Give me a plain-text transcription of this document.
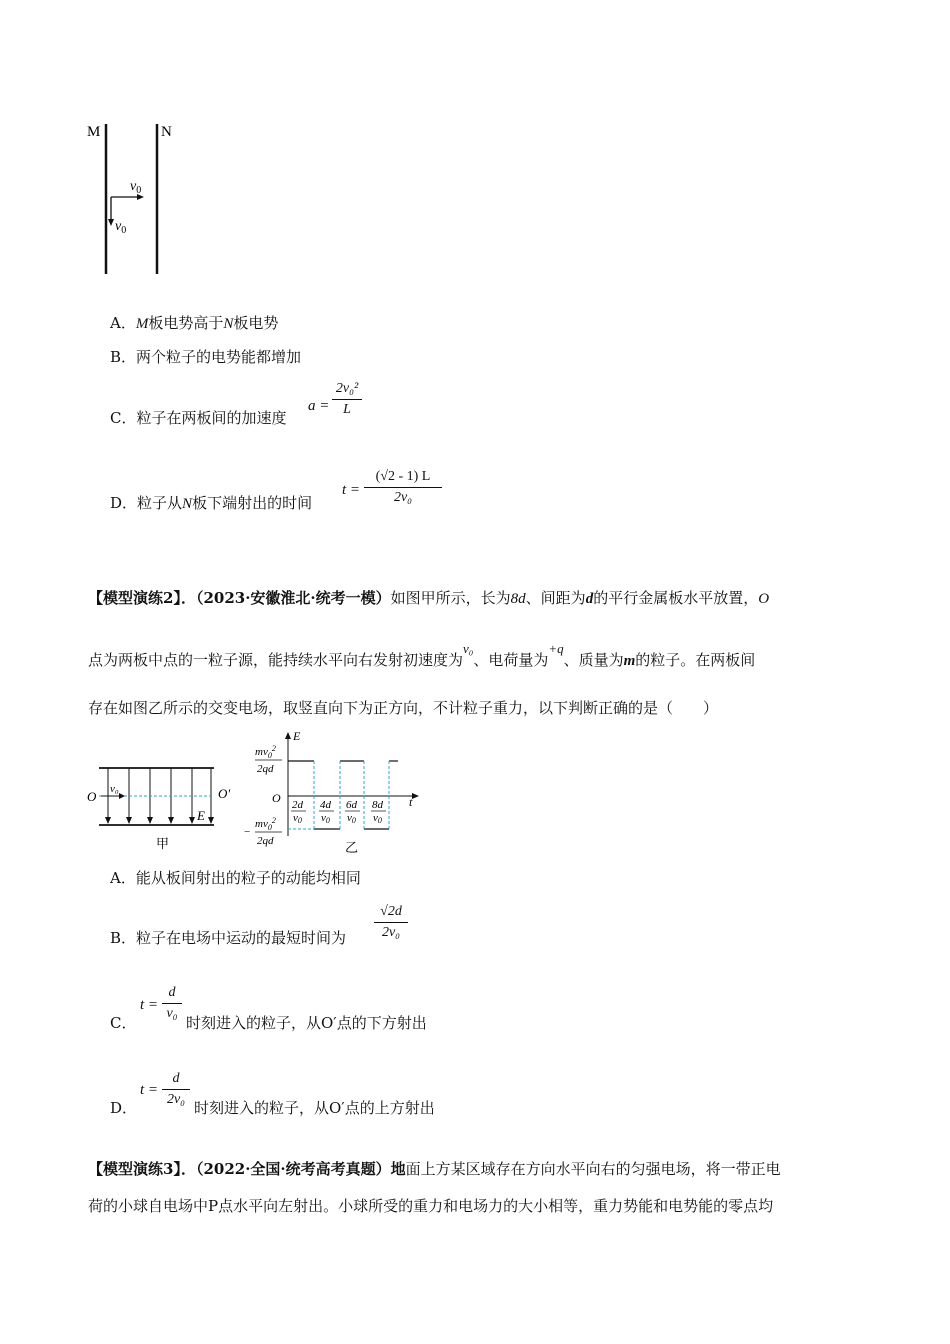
M	N
$v_0$
$v_0$
A．M板电势高于N板电势
B．两个粒子的电势能都增加
C．粒子在两板间的加速度
a =
2v₀²
L
D．粒子从N板下端射出的时间
t =
(√2 - 1) L
2v₀
【模型演练2】．（2023·安徽淮北·统考一模）如图甲所示，长为8d、间距为d的平行金属板水平放置，O
点为两板中点的一粒子源，能持续水平向右发射初速度为v₀、电荷量为+q、质量为m的粒子。在两板间
存在如图乙所示的交变电场，取竖直向下为正方向，不计粒子重力，以下判断正确的是（　　）
O	O′
v₀
E
甲
E
t
O
$mv_0^2$
2qd
−
$mv_0^2$
2qd
2d
v0
4d
v0
6d
v0
8d
v0
乙
A．能从板间射出的粒子的动能均相同
B．粒子在电场中运动的最短时间为
√2d
2v₀
C．
t =
d
v₀
时刻进入的粒子，从O′点的下方射出
D．
t =
d
2v₀ 时刻进入的粒子，从O′点的上方射出
【模型演练3】．（2022·全国·统考高考真题）地面上方某区域存在方向水平向右的匀强电场，将一带正电
荷的小球自电场中P点水平向左射出。小球所受的重力和电场力的大小相等，重力势能和电势能的零点均
